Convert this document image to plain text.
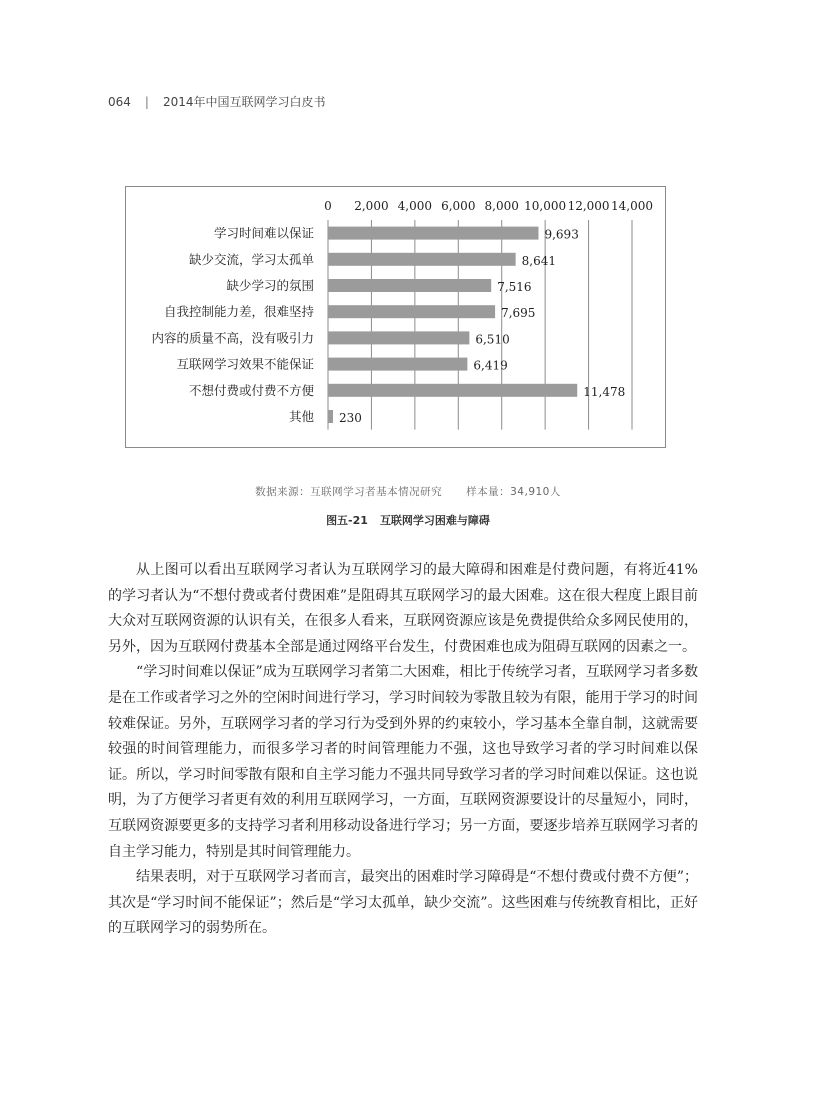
064 | 2014年中国互联网学习白皮书
0 2,000 4,000 6,000 8,000 10,000 12,000 14,000
学习时间难以保证	9,693
缺少交流，学习太孤单	8,641
缺少学习的氛围	7,516
自我控制能力差，很难坚持	7,695
内容的质量不高，没有吸引力	6,510
互联网学习效果不能保证	6,419
不想付费或付费不方便	11,478
其他 230
数据来源：互联网学习者基本情况研究 样本量：34,910人
图五-21 互联网学习困难与障碍

从上图可以看出互联网学习者认为互联网学习的最大障碍和困难是付费问题，有将近41%的学习者认为“不想付费或者付费困难”是阻碍其互联网学习的最大困难。这在很大程度上跟目前大众对互联网资源的认识有关，在很多人看来，互联网资源应该是免费提供给众多网民使用的，另外，因为互联网付费基本全部是通过网络平台发生，付费困难也成为阻碍互联网的因素之一。

“学习时间难以保证”成为互联网学习者第二大困难，相比于传统学习者，互联网学习者多数是在工作或者学习之外的空闲时间进行学习，学习时间较为零散且较为有限，能用于学习的时间较难保证。另外，互联网学习者的学习行为受到外界的约束较小，学习基本全靠自制，这就需要较强的时间管理能力，而很多学习者的时间管理能力不强，这也导致学习者的学习时间难以保证。所以，学习时间零散有限和自主学习能力不强共同导致学习者的学习时间难以保证。这也说明，为了方便学习者更有效的利用互联网学习，一方面，互联网资源要设计的尽量短小，同时，互联网资源要更多的支持学习者利用移动设备进行学习；另一方面，要逐步培养互联网学习者的自主学习能力，特别是其时间管理能力。

结果表明，对于互联网学习者而言，最突出的困难时学习障碍是“不想付费或付费不方便”；其次是“学习时间不能保证”；然后是“学习太孤单，缺少交流”。这些困难与传统教育相比，正好的互联网学习的弱势所在。
